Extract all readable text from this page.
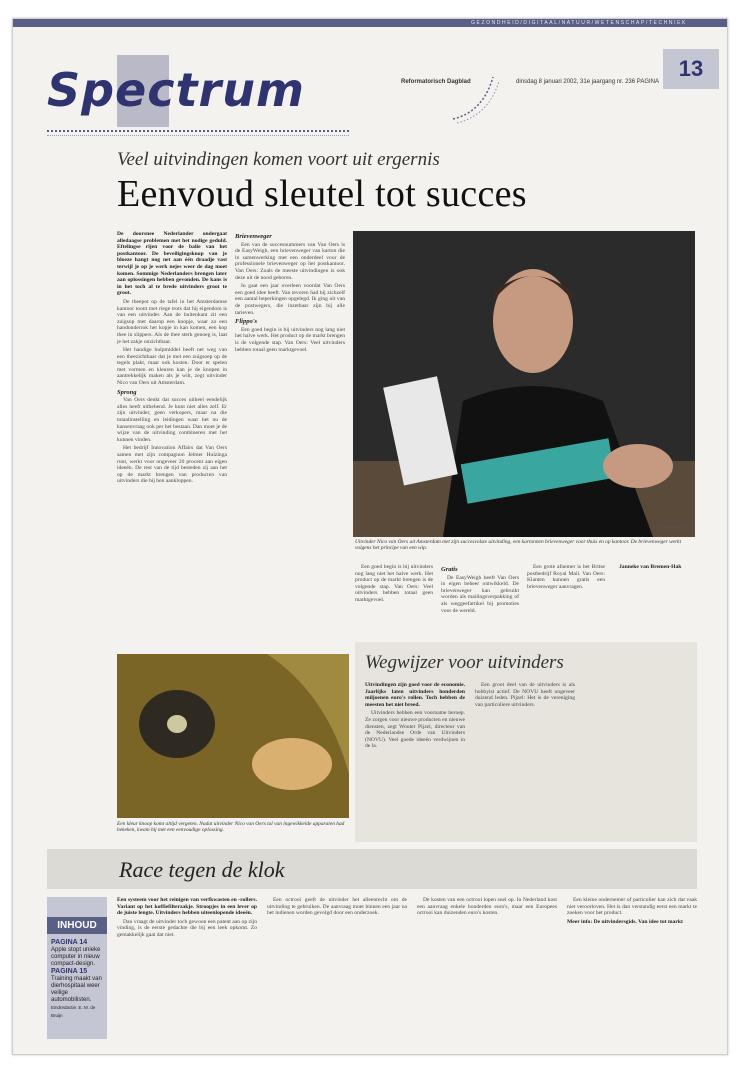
GEZONDHEID/DIGITAAL/NATUUR/WETENSCHAP/TECHNIEK
Spectrum	Reformatorisch Dagblad	dinsdag 8 januari 2002, 31e jaargang nr. 236 PAGINA
13
Veel uitvindingen komen voort uit ergernis
Eenvoud sleutel tot succes

De doorsnee Nederlander ondergaat alledaagse problemen met het nodige geduld. Eftelingse rijen voor de balie van het postkantoor. De beveiligingsknop van je bloeze hangt nog net aan één draadje vast terwijl je op je werk nejes weer de dag moet komen. Sommige Nederlanders brengen later aan oplossingen hebben gevonden. De kans is in het toch al te brede uitvinders groot te groot.

De theepot op de tafel in het Amsterdamse kantoor toont met riege trots dat hij eigendom is van een uitvinder. Aan de buitenkant zit een zuigsop met daarop een knopje, waar zo een handonderrok het kopje in kan komen, een kop thee in slippers. Als de thee sterk genoeg is, laat je het zakje onzichtbaar.

Het handige hulpmiddel heeft net weg van een theezichtbaar dat je met een zuigsoep op de tegels plakt, maar ook kosten. Door er spelen met vormen en kleuren kan je de knopen in aantrekkelijk maken als je wilt, zegt uitvinder Nico van Oers uit Amsterdam.

Sprong

Van Oers denkt dat succes uitheel eendelijk alles heeft uitbehend. Je kunt niet alles zelf. Er zijn uitvinder, geen verkopers, maar na die totaalinstelling en leidingen waar het nu de kansenvraag ook per het bestaan. Dan moet je de wijze van de uitvinding combineren met het kunnen vinden.

Het bedrijf Innovation Affairs dat Van Oers samen met zijn compagnon Jelmer Huizinga runt, werkt voor ongeveer 20 procent aan eigen ideeën. De rest van de tijd besteden zij aan het op de markt brengen van producten van uitvinders die bij hen aankloppen.

Brievenweger

Een van de succesnummers van Van Oers is de EasyWeigh, een brievenweger van karton die in samenwerking met een onderdeel voor de professionele brievenweger op het postkantoor. Van Oers: Zoals de meeste uitvindingen is ook deze uit de nood geboren.

In gaat een jaar overleen voordat Van Oers een goed idee heeft. Van tevoren had hij zichzelf een aantal beperkingen opgelegd. Ik ging uit van de postwegers, die inzetbaar zijn bij alle tarieven.

Flippo's

Een goed begin is bij uitvinders nog lang niet het halve werk. Het product op de markt brengen is de volgende stap. Van Oers: Veel uitvinders hebben totaal geen marktgevoel.

Uitvinder Nico van Oers uit Amsterdam met zijn succesvolste uitvinding, een kartonnen brievenweger voor thuis en op kantoor. De brievenweger werkt volgens het principe van een wip.
Foto Paul Dijkstra

Een goed begin is bij uitvinders nog lang niet het halve werk. Het product op de markt brengen is de volgende stap. Van Oers: Veel uitvinders hebben totaal geen marktgevoel.

Gratis

De EasyWeigh heeft Van Oers in eigen beheer ontwikkeld. De brievenweger kan gebruikt worden als mailingsverpakking of als weggeefartikel bij promoties voor de wereld.

Een grote afnemer is het Britse postbedrijf Royal Mail. Van Oers: Klanten kunnen gratis een brievenweger aanvragen.

Janneke van Bremen-Hak

Een kleur knoop komt altijd vergeten. Nadat uitvinder Nico van Oers tal van ingewikkelde apparaten had bekeken, kwam hij met een eenvoudige oplossing.
Wegwijzer voor uitvinders

Uitvindingen zijn goed voor de economie. Jaarlijks laten uitvinders honderden miljoenen euro's rollen. Toch hebben de meesten het niet breed.

Uitvinders hebben een voorname beroep. Ze zorgen voor nieuwe producten en nieuwe diensten, zegt Wouter Pijzel, directeur van de Nederlandse Orde van Uitvinders (NOVU). Veel goede ideeën verdwijnen in de la.

Een groot deel van de uitvinders is als hobbyist actief. De NOVU heeft ongeveer duizend leden. Pijzel: Het is de vereniging van particuliere uitvinders.

Race tegen de klok

Een systeem voor het reinigen van verfkwasten en -rollers. Variant op het koffiefilterzakje. Stroopjes in een lever op de juiste lengte. Uitvinders hebben uiteenlopende ideeën.

Dan vraagt de uitvinder toch gewoon een patent aan op zijn vinding, is de eerste gedachte die bij een leek opkomt. Zo gemakkelijk gaat dat niet.

Een octrooi geeft de uitvinder het alleenrecht om de uitvinding te gebruiken. De aanvraag moet binnen een jaar na het indienen worden gevolgd door een onderzoek.

De kosten van een octrooi lopen snel op. In Nederland kost een aanvraag enkele honderden euro's, maar een Europees octrooi kan duizenden euro's kosten.

Een kleine ondernemer of particulier kan zich dat vaak niet veroorloven. Het is dan verstandig eerst een markt te zoeken voor het product.

Meer info: De uitvindersgids. Van idee tot markt

INHOUD
PAGINA 14
Apple stopt unieke computer in nieuw compact-design.
PAGINA 15
Training maakt van dierhospitaal weer veilige automobilisten.
Eindredactie: E. M. de Bruijn
